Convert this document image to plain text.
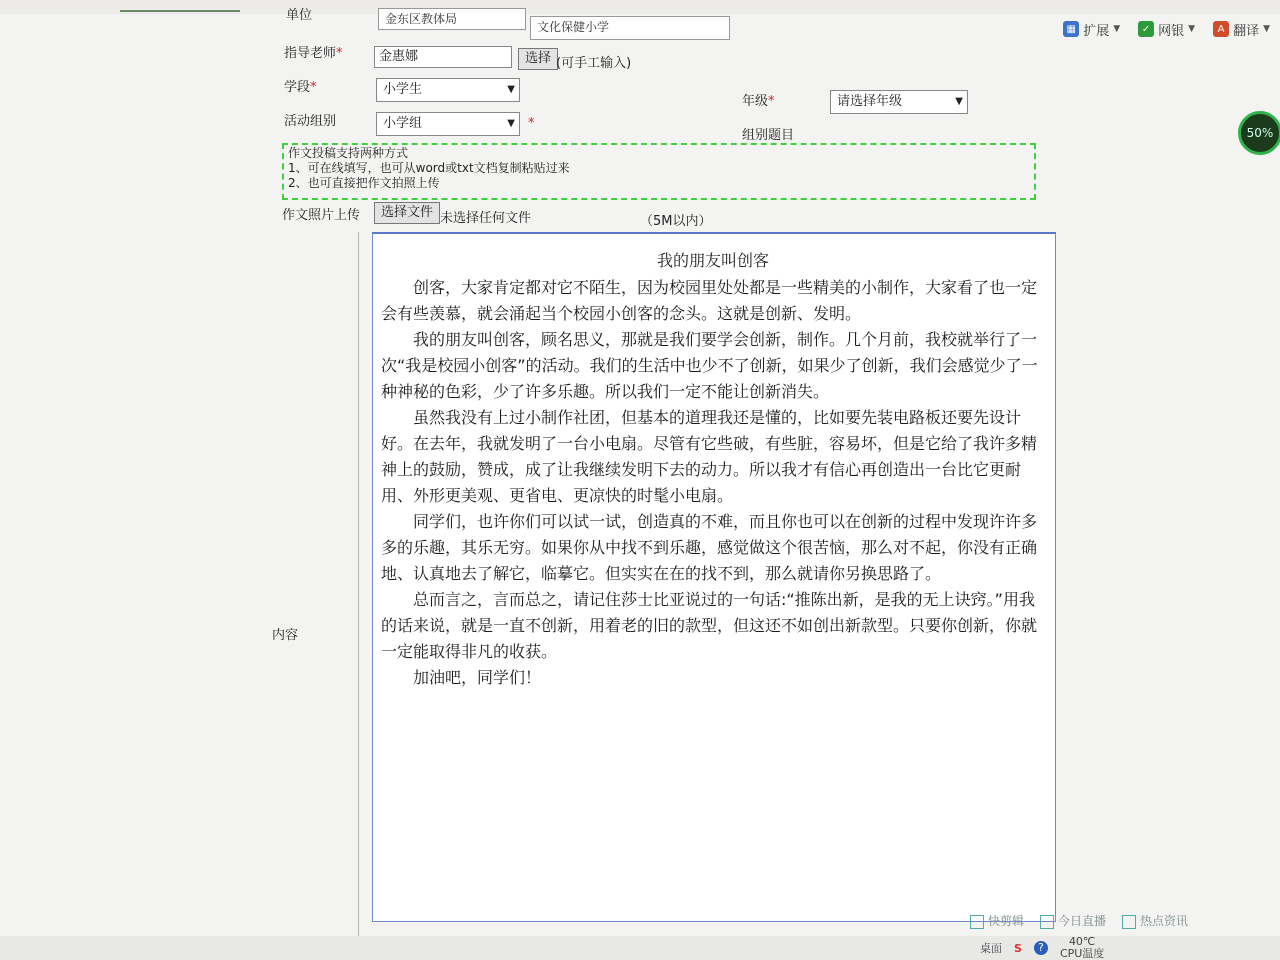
单位	金东区教体局
文化保健小学	▦ 扩展 ▼	✓ 网银 ▼	A 翻译 ▼
50%
指导老师*	金惠娜	选择 (可手工输入)
学段*	小学生	▼
年级*	请选择年级	▼
活动组别	小学组	▼ *
组别题目
作文投稿支持两种方式
1、可在线填写，也可从word或txt文档复制粘贴过来
2、也可直接把作文拍照上传
作文照片上传	选择文件 未选择任何文件	（5M以内）
内容
我的朋友叫创客

创客，大家肯定都对它不陌生，因为校园里处处都是一些精美的小制作，大家看了也一定会有些羡慕，就会涌起当个校园小创客的念头。这就是创新、发明。

我的朋友叫创客，顾名思义，那就是我们要学会创新，制作。几个月前，我校就举行了一次“我是校园小创客”的活动。我们的生活中也少不了创新，如果少了创新，我们会感觉少了一种神秘的色彩，少了许多乐趣。所以我们一定不能让创新消失。

虽然我没有上过小制作社团，但基本的道理我还是懂的，比如要先装电路板还要先设计好。在去年，我就发明了一台小电扇。尽管有它些破，有些脏，容易坏，但是它给了我许多精神上的鼓励，赞成，成了让我继续发明下去的动力。所以我才有信心再创造出一台比它更耐用、外形更美观、更省电、更凉快的时髦小电扇。

同学们，也许你们可以试一试，创造真的不难，而且你也可以在创新的过程中发现许许多多的乐趣，其乐无穷。如果你从中找不到乐趣，感觉做这个很苦恼，那么对不起，你没有正确地、认真地去了解它，临摹它。但实实在在的找不到，那么就请你另换思路了。

总而言之，言而总之，请记住莎士比亚说过的一句话:“推陈出新，是我的无上诀窍。”用我的话来说，就是一直不创新，用着老的旧的款型，但这还不如创出新款型。只要你创新，你就一定能取得非凡的收获。

加油吧，同学们！

快剪辑	今日直播	热点资讯
桌面 S	?	40℃
CPU温度
